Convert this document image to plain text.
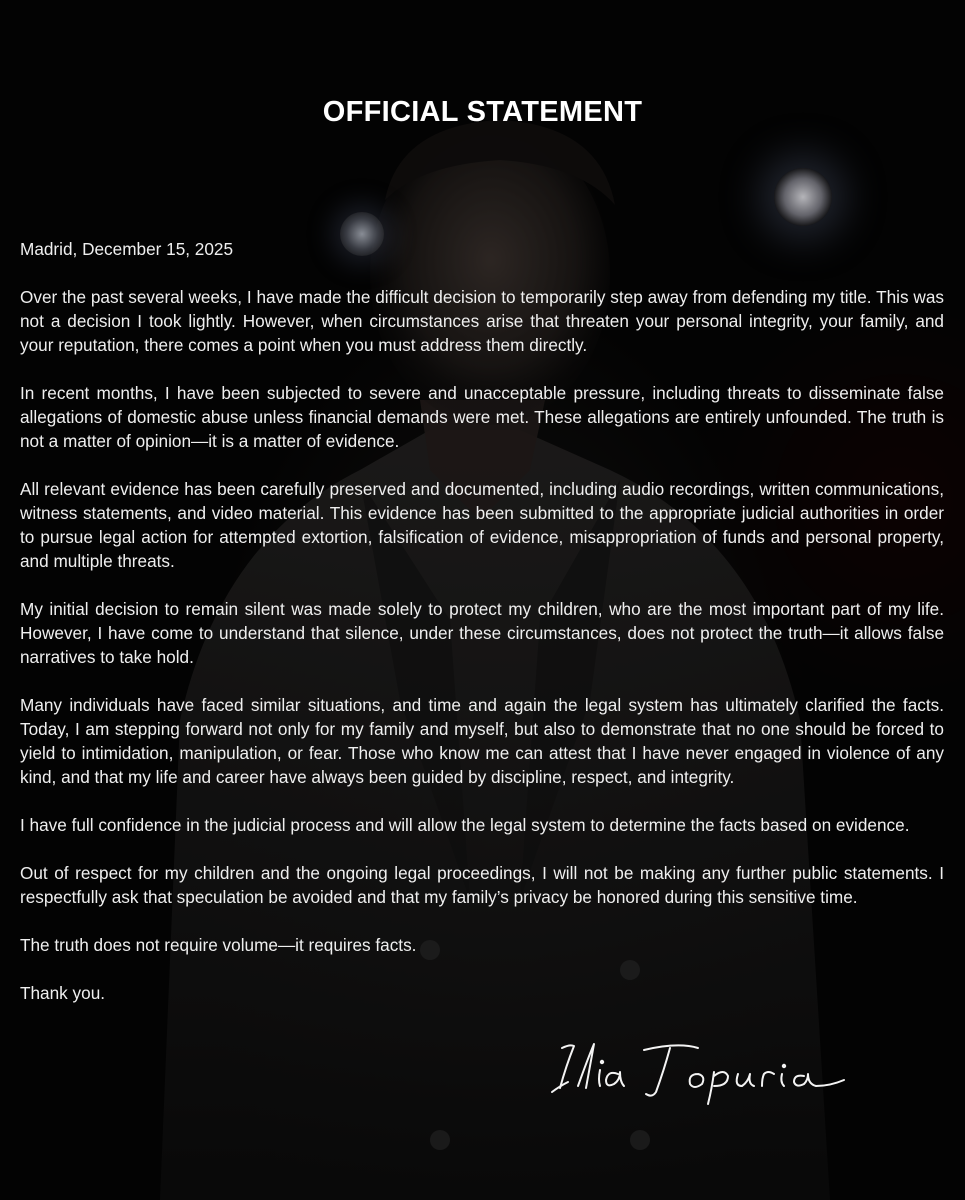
OFFICIAL STATEMENT

Madrid, December 15, 2025

Over the past several weeks, I have made the difficult decision to temporarily step away from defending my title. This was not a decision I took lightly. However, when circumstances arise that threaten your personal integrity, your family, and your reputation, there comes a point when you must address them directly.

In recent months, I have been subjected to severe and unacceptable pressure, including threats to disseminate false allegations of domestic abuse unless financial demands were met. These allegations are entirely unfounded. The truth is not a matter of opinion—it is a matter of evidence.

All relevant evidence has been carefully preserved and documented, including audio recordings, written communications, witness statements, and video material. This evidence has been submitted to the appropriate judicial authorities in order to pursue legal action for attempted extortion, falsification of evidence, misappropriation of funds and personal property, and multiple threats.

My initial decision to remain silent was made solely to protect my children, who are the most important part of my life. However, I have come to understand that silence, under these circumstances, does not protect the truth—it allows false narratives to take hold.

Many individuals have faced similar situations, and time and again the legal system has ultimately clarified the facts. Today, I am stepping forward not only for my family and myself, but also to demonstrate that no one should be forced to yield to intimidation, manipulation, or fear. Those who know me can attest that I have never engaged in violence of any kind, and that my life and career have always been guided by discipline, respect, and integrity.

I have full confidence in the judicial process and will allow the legal system to determine the facts based on evidence.

Out of respect for my children and the ongoing legal proceedings, I will not be making any further public statements. I respectfully ask that speculation be avoided and that my family’s privacy be honored during this sensitive time.

The truth does not require volume—it requires facts.

Thank you.
